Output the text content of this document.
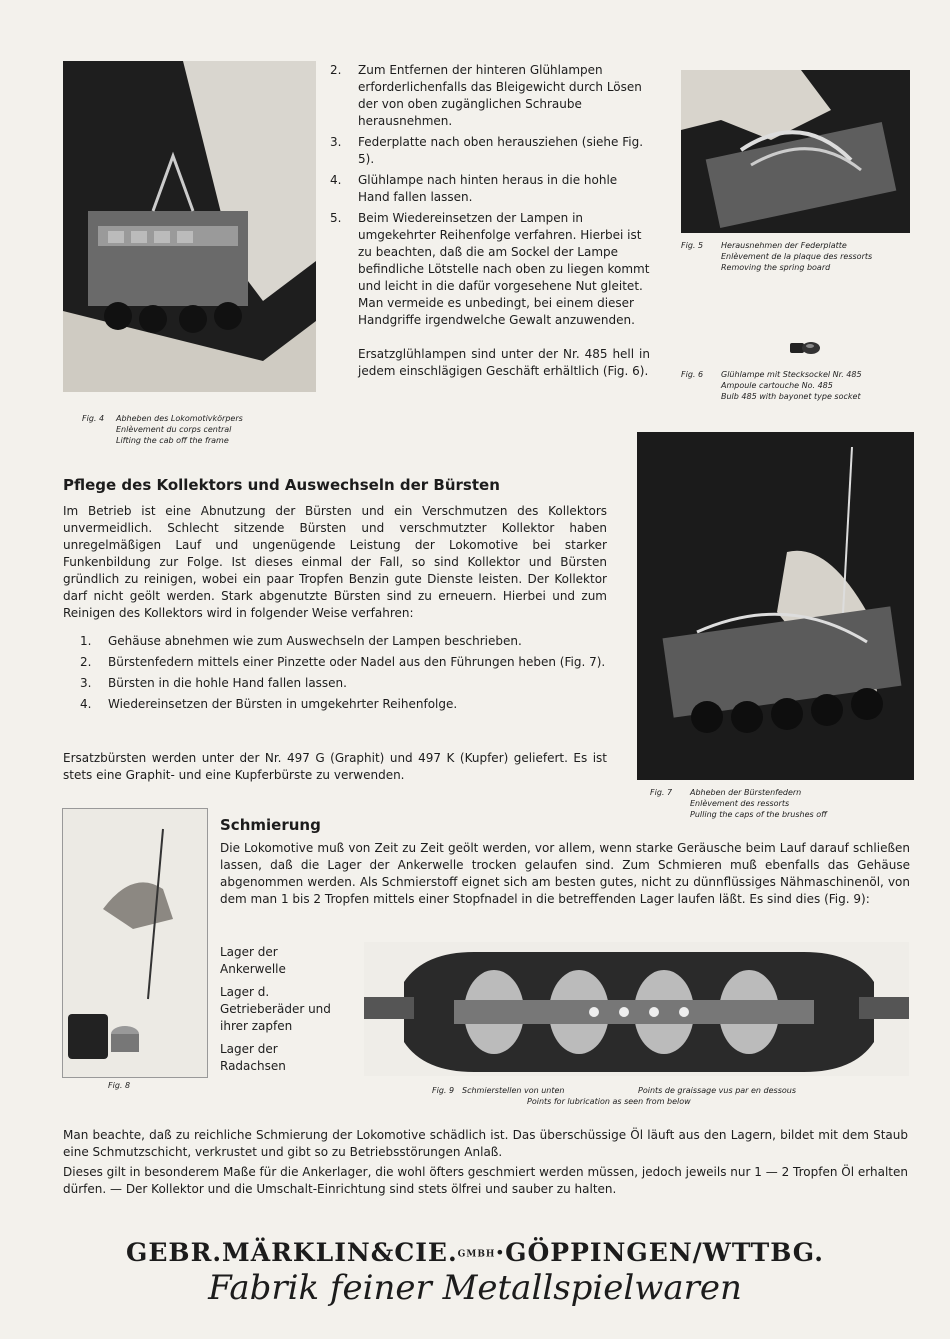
Fig. 4 Abheben des Lokomotivkörpers
Enlèvement du corps central
Lifting the cab off the frame
2. Zum Entfernen der hinteren Glühlampen erforderlichenfalls das Bleigewicht durch Lösen der von oben zugänglichen Schraube herausnehmen.
3. Federplatte nach oben herausziehen (siehe Fig. 5).
4. Glühlampe nach hinten heraus in die hohle Hand fallen lassen.
5. Beim Wiedereinsetzen der Lampen in umgekehrter Reihenfolge verfahren. Hierbei ist zu beachten, daß die am Sockel der Lampe befindliche Lötstelle nach oben zu liegen kommt und leicht in die dafür vorgesehene Nut gleitet. Man vermeide es unbedingt, bei einem dieser Handgriffe irgendwelche Gewalt anzuwenden.

Ersatzglühlampen sind unter der Nr. 485 hell in jedem einschlägigen Geschäft erhältlich (Fig. 6).

Fig. 5 Herausnehmen der Federplatte
Enlèvement de la plaque des ressorts
Removing the spring board
Fig. 6 Glühlampe mit Stecksockel Nr. 485
Ampoule cartouche No. 485
Bulb 485 with bayonet type socket
Pflege des Kollektors und Auswechseln der Bürsten

Im Betrieb ist eine Abnutzung der Bürsten und ein Verschmutzen des Kollektors unvermeidlich. Schlecht sitzende Bürsten und verschmutzter Kollektor haben unregelmäßigen Lauf und ungenügende Leistung der Lokomotive bei starker Funkenbildung zur Folge. Ist dieses einmal der Fall, so sind Kollektor und Bürsten gründlich zu reinigen, wobei ein paar Tropfen Benzin gute Dienste leisten. Der Kollektor darf nicht geölt werden. Stark abgenutzte Bürsten sind zu erneuern. Hierbei und zum Reinigen des Kollektors wird in folgender Weise verfahren:

1. Gehäuse abnehmen wie zum Auswechseln der Lampen beschrieben.
2. Bürstenfedern mittels einer Pinzette oder Nadel aus den Führungen heben (Fig. 7).
3. Bürsten in die hohle Hand fallen lassen.
4. Wiedereinsetzen der Bürsten in umgekehrter Reihenfolge.

Ersatzbürsten werden unter der Nr. 497 G (Graphit) und 497 K (Kupfer) geliefert. Es ist stets eine Graphit- und eine Kupferbürste zu verwenden.

Fig. 7 Abheben der Bürstenfedern
Enlèvement des ressorts
Pulling the caps of the brushes off
Fig. 8
Schmierung

Die Lokomotive muß von Zeit zu Zeit geölt werden, vor allem, wenn starke Geräusche beim Lauf darauf schließen lassen, daß die Lager der Ankerwelle trocken gelaufen sind. Zum Schmieren muß ebenfalls das Gehäuse abgenommen werden. Als Schmierstoff eignet sich am besten gutes, nicht zu dünnflüssiges Nähmaschinenöl, von dem man 1 bis 2 Tropfen mittels einer Stopfnadel in die betreffenden Lager laufen läßt. Es sind dies (Fig. 9):

Lager der Ankerwelle
Lager d. Getrieberäder und ihrer zapfen
Lager der Radachsen
Fig. 9 Schmierstellen von unten	Points de graissage vus par en dessous
Points for lubrication as seen from below

Man beachte, daß zu reichliche Schmierung der Lokomotive schädlich ist. Das überschüssige Öl läuft aus den Lagern, bildet mit dem Staub eine Schmutzschicht, verkrustet und gibt so zu Betriebsstörungen Anlaß.

Dieses gilt in besonderem Maße für die Ankerlager, die wohl öfters geschmiert werden müssen, jedoch jeweils nur 1 — 2 Tropfen Öl erhalten dürfen. — Der Kollektor und die Umschalt-Einrichtung sind stets ölfrei und sauber zu halten.

GEBR.MÄRKLIN&CIE.GMBH·GÖPPINGEN/WTTBG.
Fabrik feiner Metallspielwaren
